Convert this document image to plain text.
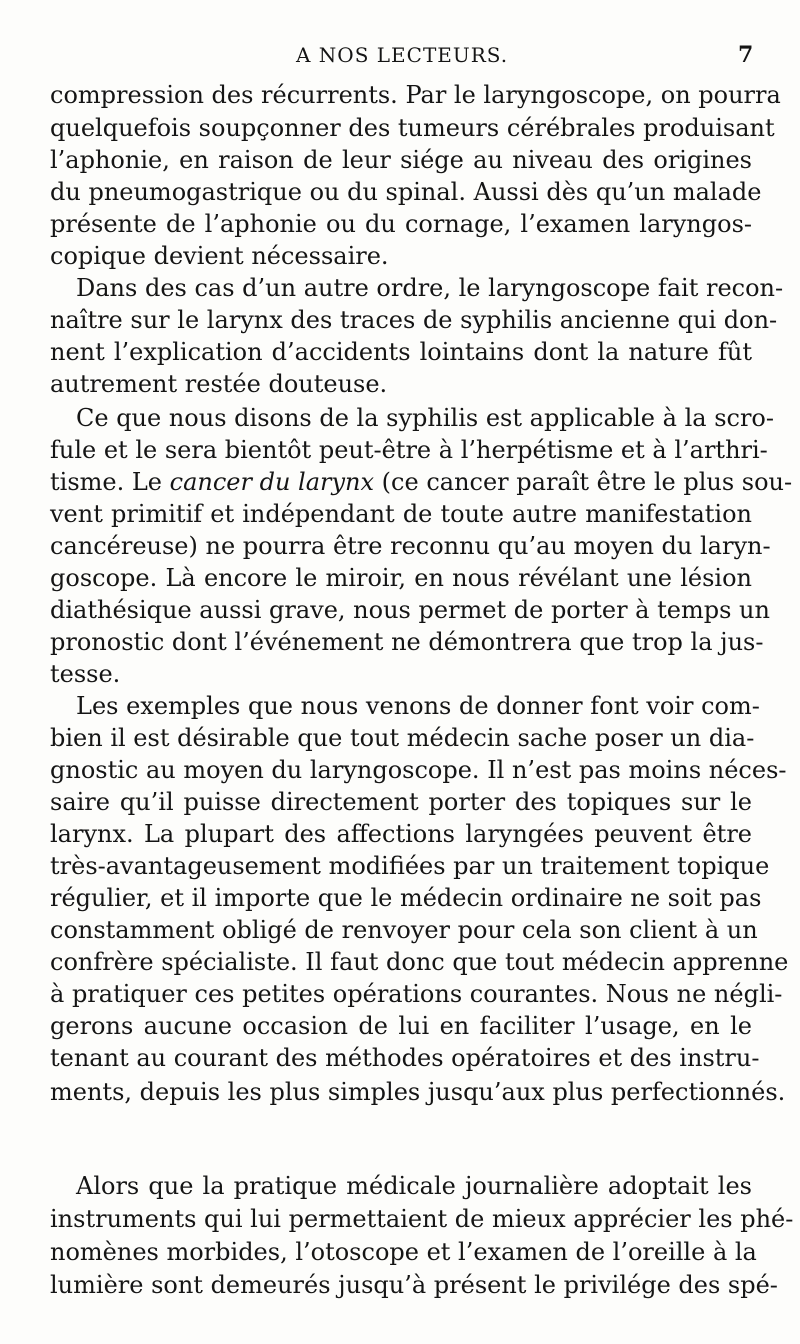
A NOS LECTEURS.	7
compression des récurrents. Par le laryngoscope, on pourra
quelquefois soupçonner des tumeurs cérébrales produisant
l’aphonie, en raison de leur siége au niveau des origines
du pneumogastrique ou du spinal. Aussi dès qu’un malade
présente de l’aphonie ou du cornage, l’examen laryngos-
copique devient nécessaire.
Dans des cas d’un autre ordre, le laryngoscope fait recon-
naître sur le larynx des traces de syphilis ancienne qui don-
nent l’explication d’accidents lointains dont la nature fût
autrement restée douteuse.
Ce que nous disons de la syphilis est applicable à la scro-
fule et le sera bientôt peut-être à l’herpétisme et à l’arthri-
tisme. Le cancer du larynx (ce cancer paraît être le plus sou-
vent primitif et indépendant de toute autre manifestation
cancéreuse) ne pourra être reconnu qu’au moyen du laryn-
goscope. Là encore le miroir, en nous révélant une lésion
diathésique aussi grave, nous permet de porter à temps un
pronostic dont l’événement ne démontrera que trop la jus-
tesse.
Les exemples que nous venons de donner font voir com-
bien il est désirable que tout médecin sache poser un dia-
gnostic au moyen du laryngoscope. Il n’est pas moins néces-
saire qu’il puisse directement porter des topiques sur le
larynx. La plupart des affections laryngées peuvent être
très-avantageusement modifiées par un traitement topique
régulier, et il importe que le médecin ordinaire ne soit pas
constamment obligé de renvoyer pour cela son client à un
confrère spécialiste. Il faut donc que tout médecin apprenne
à pratiquer ces petites opérations courantes. Nous ne négli-
gerons aucune occasion de lui en faciliter l’usage, en le
tenant au courant des méthodes opératoires et des instru-
ments, depuis les plus simples jusqu’aux plus perfectionnés.
Alors que la pratique médicale journalière adoptait les
instruments qui lui permettaient de mieux apprécier les phé-
nomènes morbides, l’otoscope et l’examen de l’oreille à la
lumière sont demeurés jusqu’à présent le privilége des spé-
